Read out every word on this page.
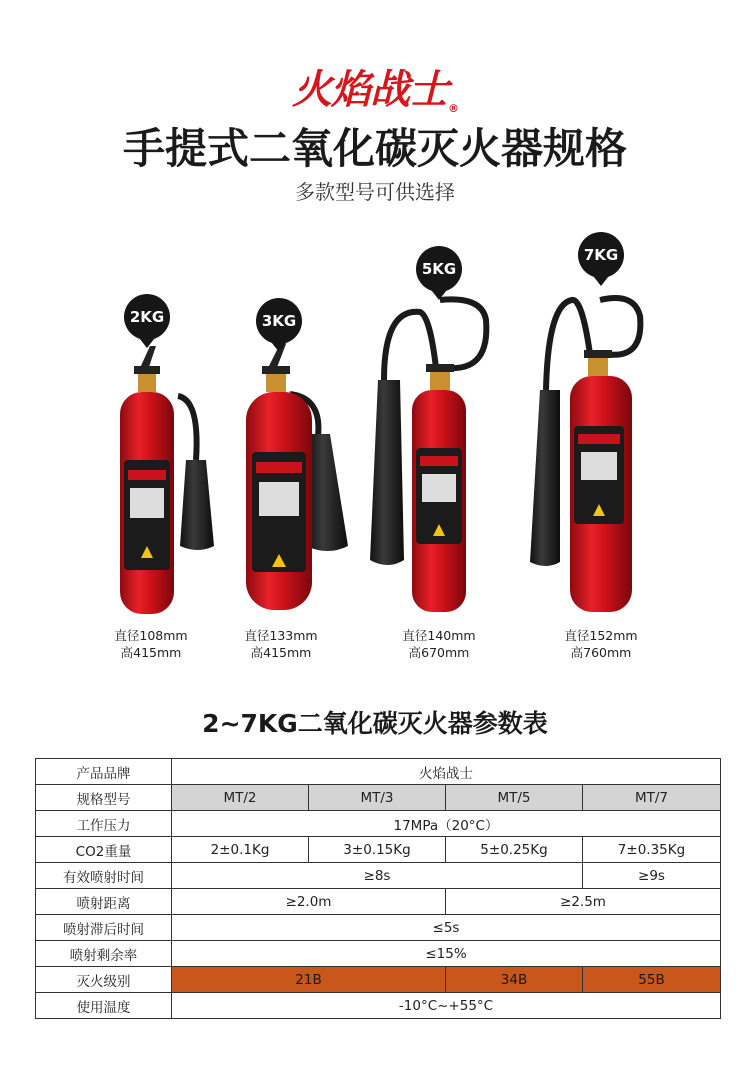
火焰战士®
手提式二氧化碳灭火器规格
多款型号可供选择
2KG	3KG
5KG
7KG
直径108mm
高415mm
直径133mm
高415mm
直径140mm
高670mm
直径152mm
高760mm
2~7KG二氧化碳灭火器参数表
产品品牌	火焰战士			
规格型号	MT/2	MT/3	MT/5	MT/7
工作压力	17MPa（20°C）			
CO2重量	2±0.1Kg	3±0.15Kg	5±0.25Kg	7±0.35Kg
有效喷射时间	≥8s			≥9s
喷射距离	≥2.0m		≥2.5m	
喷射滞后时间	≤5s			
喷射剩余率	≤15%			
灭火级别	21B		34B	55B
使用温度	-10°C~+55°C			
